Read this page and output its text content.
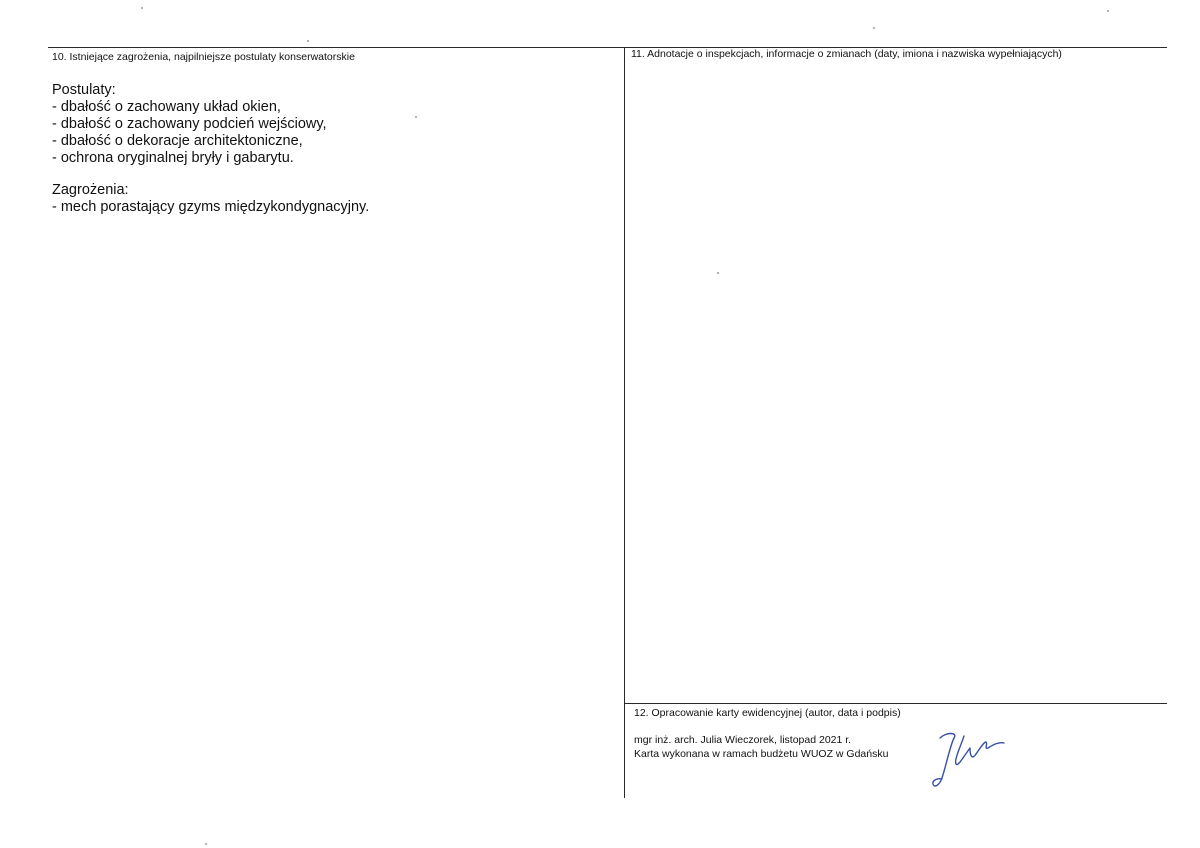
10. Istniejące zagrożenia, najpilniejsze postulaty konserwatorskie

Postulaty:

- dbałość o zachowany układ okien,

- dbałość o zachowany podcień wejściowy,

- dbałość o dekoracje architektoniczne,

- ochrona oryginalnej bryły i gabarytu.

Zagrożenia:

- mech porastający gzyms międzykondygnacyjny.

11. Adnotacje o inspekcjach, informacje o zmianach (daty, imiona i nazwiska wypełniających)
12. Opracowanie karty ewidencyjnej (autor, data i podpis)
mgr inż. arch. Julia Wieczorek, listopad 2021 r.
Karta wykonana w ramach budżetu WUOZ w Gdańsku
